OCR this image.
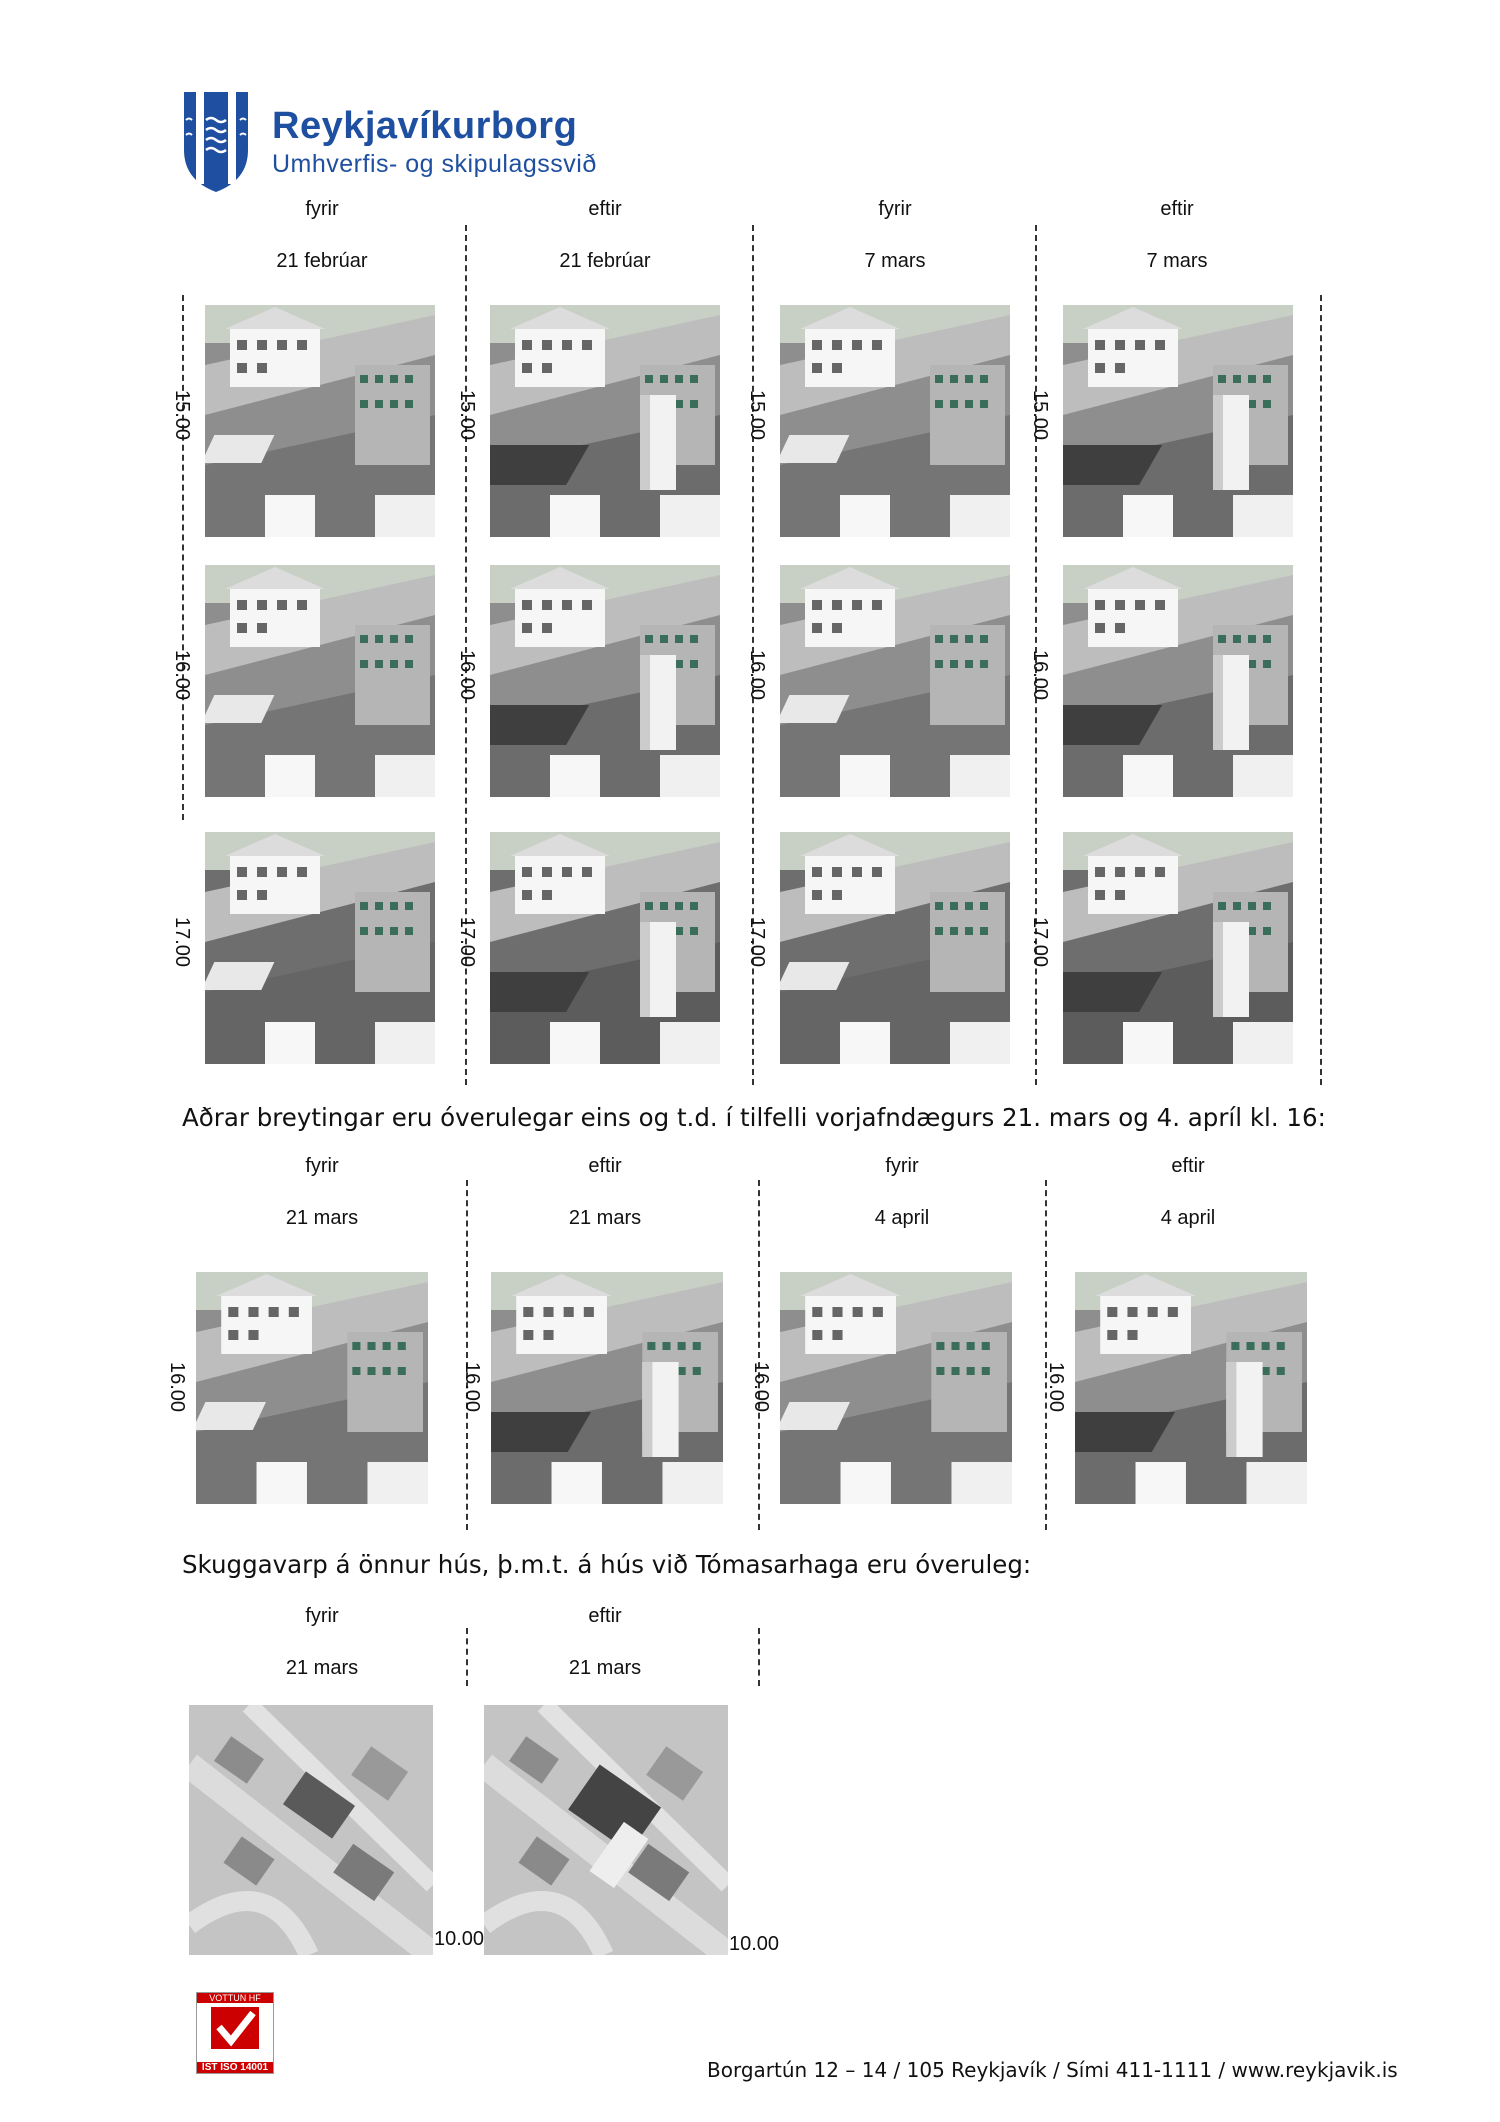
Reykjavíkurborg
Umhverfis- og skipulagssvið
fyrir
21 febrúar
eftir
21 febrúar
fyrir
7 mars
eftir
7 mars
15.00	15.00	15.00	15.00
16.00	16.00	16.00	16.00
17.00	17.00	17.00	17.00
Aðrar breytingar eru óverulegar eins og t.d. í tilfelli vorjafndægurs 21. mars og 4. apríl kl. 16:
fyrir
21 mars
eftir
21 mars
fyrir
4 april
eftir
4 april
16.00	16.00	16.00	16.00
Skuggavarp á önnur hús, þ.m.t. á hús við Tómasarhaga eru óveruleg:
fyrir
21 mars
eftir
21 mars
10.00	10.00
VOTTUN HF
ÍST ISO 14001	Borgartún 12 – 14 / 105 Reykjavík / Sími 411-1111 / www.reykjavik.is
